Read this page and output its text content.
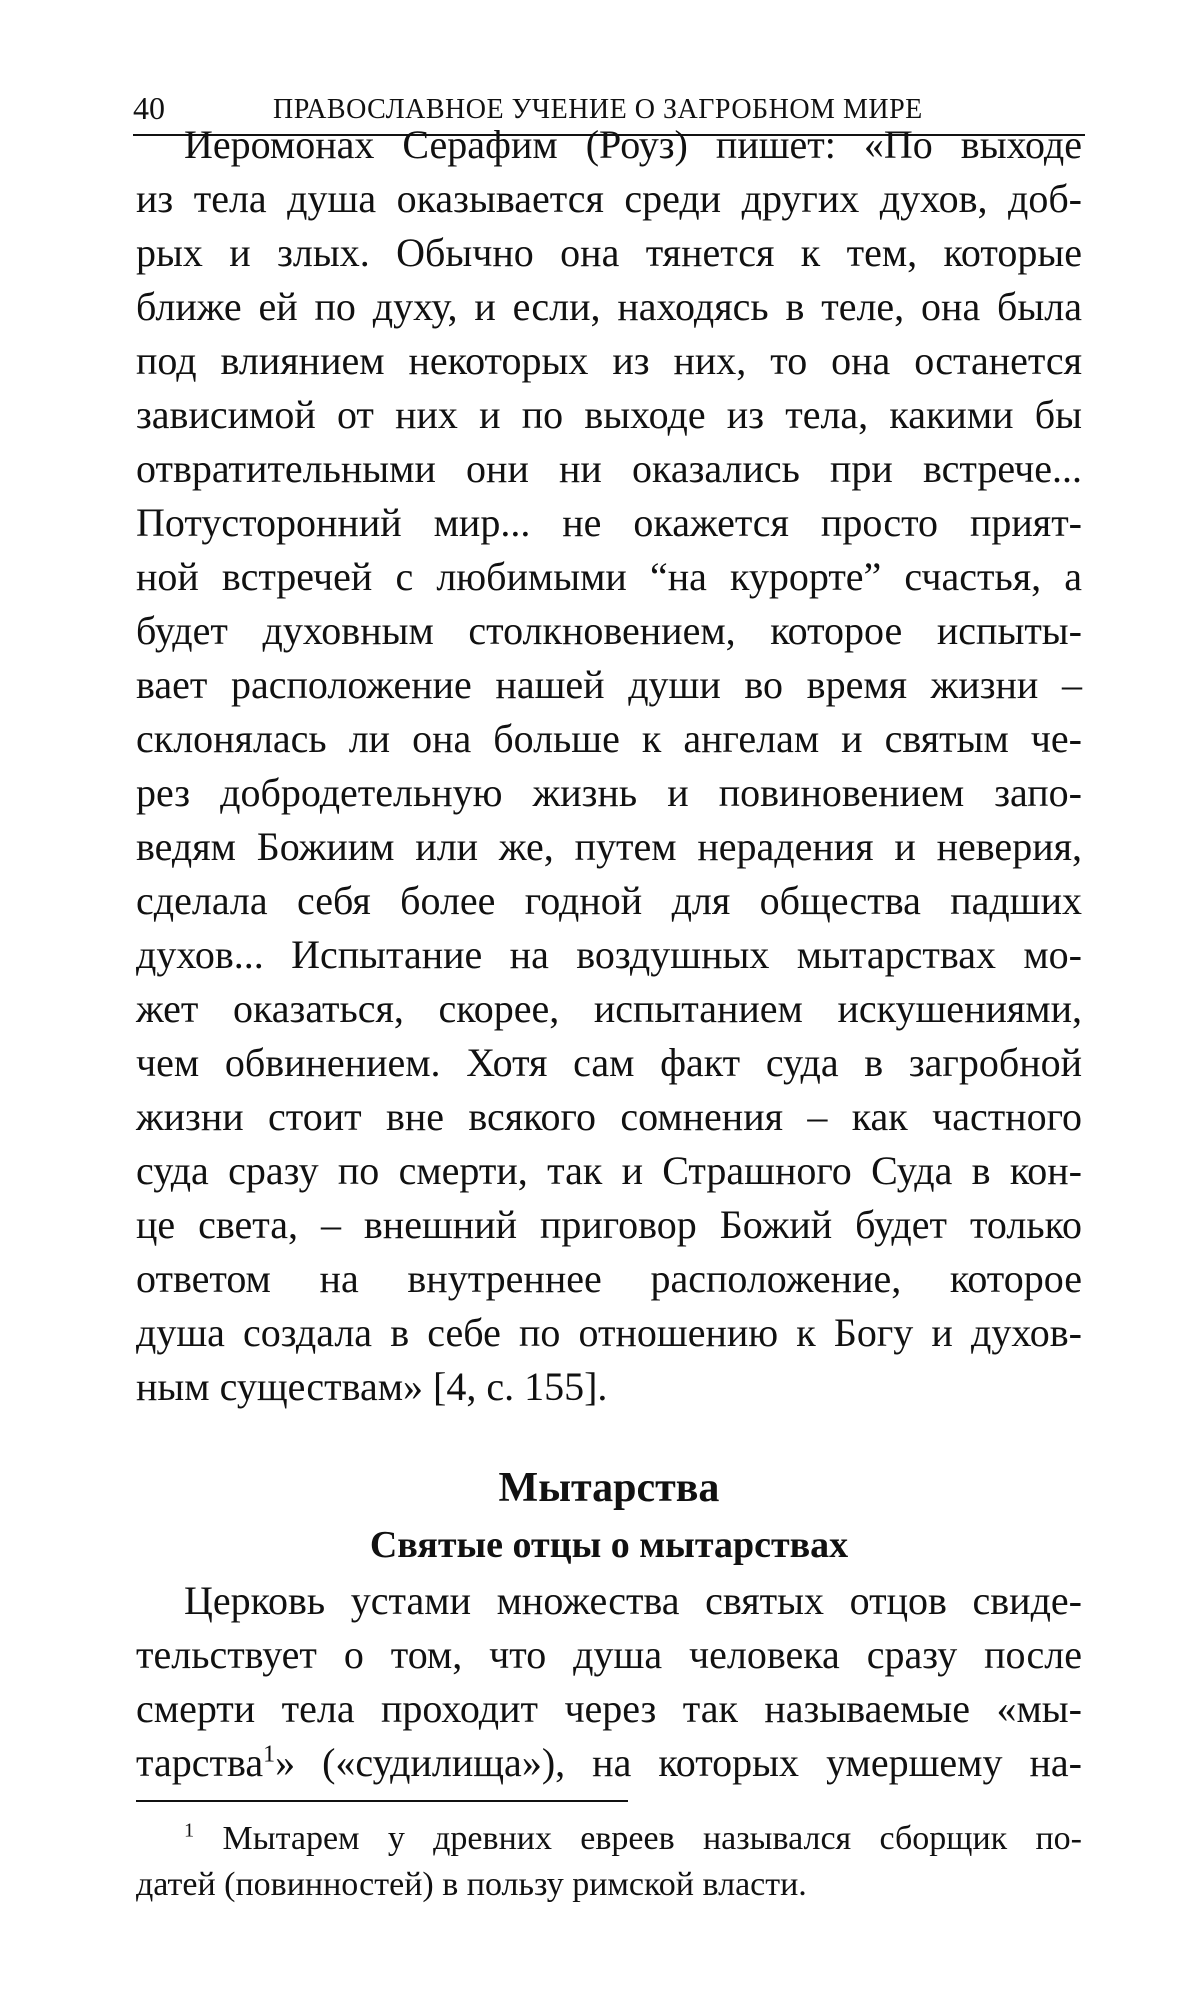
40	ПРАВОСЛАВНОЕ УЧЕНИЕ О ЗАГРОБНОМ МИРЕ
Иеромонах Серафим (Роуз) пишет: «По выходе
из тела душа оказывается среди других духов, доб-
рых и злых. Обычно она тянется к тем, которые
ближе ей по духу, и если, находясь в теле, она была
под влиянием некоторых из них, то она останется
зависимой от них и по выходе из тела, какими бы
отвратительными они ни оказались при встрече...
Потусторонний мир... не окажется просто прият-
ной встречей с любимыми “на курорте” счастья, а
будет духовным столкновением, которое испыты-
вает расположение нашей души во время жизни –
склонялась ли она больше к ангелам и святым че-
рез добродетельную жизнь и повиновением запо-
ведям Божиим или же, путем нерадения и неверия,
сделала себя более годной для общества падших
духов... Испытание на воздушных мытарствах мо-
жет оказаться, скорее, испытанием искушениями,
чем обвинением. Хотя сам факт суда в загробной
жизни стоит вне всякого сомнения – как частного
суда сразу по смерти, так и Страшного Суда в кон-
це света, – внешний приговор Божий будет только
ответом на внутреннее расположение, которое
душа создала в себе по отношению к Богу и духов-
ным существам» [4, с. 155].
Мытарства
Святые отцы о мытарствах
Церковь устами множества святых отцов свиде-
тельствует о том, что душа человека сразу после
смерти тела проходит через так называемые «мы-
тарства$^1$» («судилища»), на которых умершему на-
$^1$ Мытарем у древних евреев назывался сборщик по-
датей (повинностей) в пользу римской власти.
